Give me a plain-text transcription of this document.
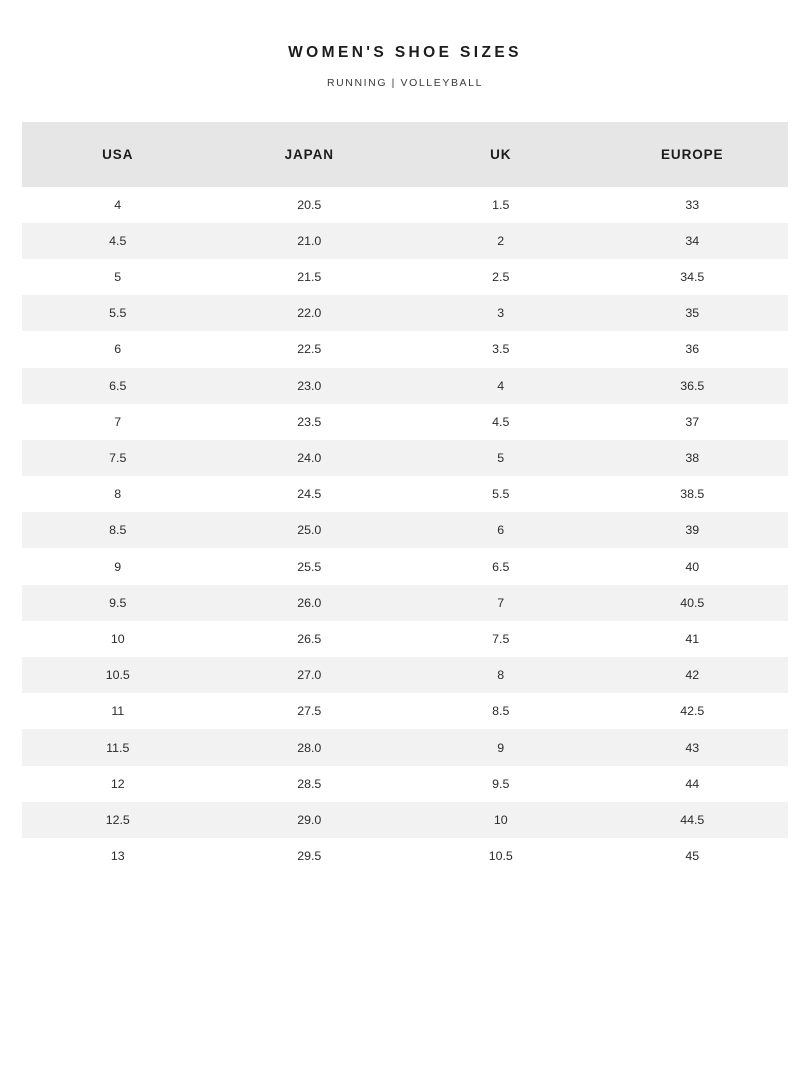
WOMEN'S SHOE SIZES

RUNNING | VOLLEYBALL

USA	JAPAN	UK	EUROPE
4	20.5	1.5	33
4.5	21.0	2	34
5	21.5	2.5	34.5
5.5	22.0	3	35
6	22.5	3.5	36
6.5	23.0	4	36.5
7	23.5	4.5	37
7.5	24.0	5	38
8	24.5	5.5	38.5
8.5	25.0	6	39
9	25.5	6.5	40
9.5	26.0	7	40.5
10	26.5	7.5	41
10.5	27.0	8	42
11	27.5	8.5	42.5
11.5	28.0	9	43
12	28.5	9.5	44
12.5	29.0	10	44.5
13	29.5	10.5	45
